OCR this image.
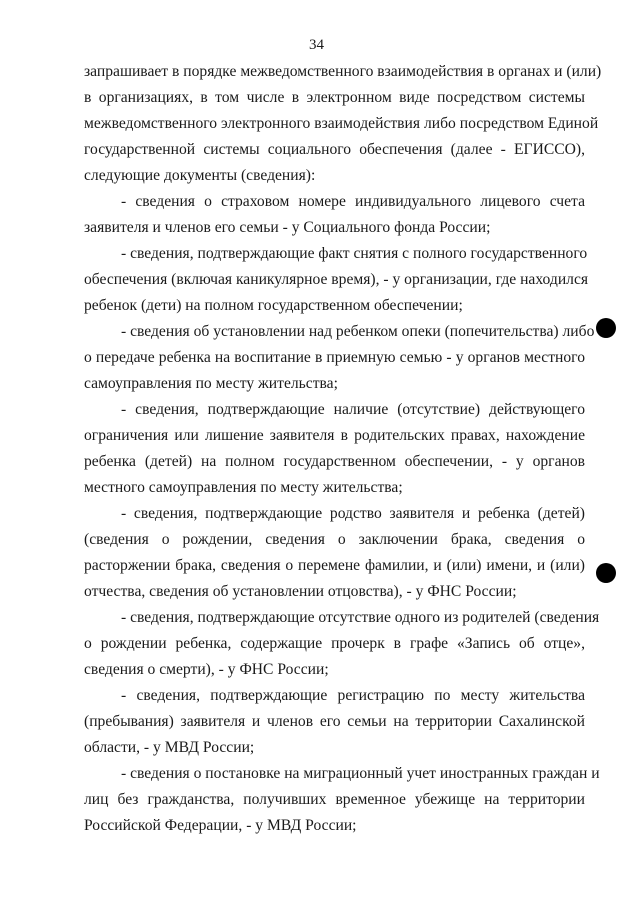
34
запрашивает в порядке межведомственного взаимодействия в органах и (или)
в организациях, в том числе в электронном виде посредством системы
межведомственного электронного взаимодействия либо посредством Единой
государственной системы социального обеспечения (далее - ЕГИССО),
следующие документы (сведения):
- сведения о страховом номере индивидуального лицевого счета
заявителя и членов его семьи - у Социального фонда России;
- сведения, подтверждающие факт снятия с полного государственного
обеспечения (включая каникулярное время), - у организации, где находился
ребенок (дети) на полном государственном обеспечении;
- сведения об установлении над ребенком опеки (попечительства) либо
о передаче ребенка на воспитание в приемную семью - у органов местного
самоуправления по месту жительства;
- сведения, подтверждающие наличие (отсутствие) действующего
ограничения или лишение заявителя в родительских правах, нахождение
ребенка (детей) на полном государственном обеспечении, - у органов
местного самоуправления по месту жительства;
- сведения, подтверждающие родство заявителя и ребенка (детей)
(сведения о рождении, сведения о заключении брака, сведения о
расторжении брака, сведения о перемене фамилии, и (или) имени, и (или)
отчества, сведения об установлении отцовства), - у ФНС России;
- сведения, подтверждающие отсутствие одного из родителей (сведения
о рождении ребенка, содержащие прочерк в графе «Запись об отце»,
сведения о смерти), - у ФНС России;
- сведения, подтверждающие регистрацию по месту жительства
(пребывания) заявителя и членов его семьи на территории Сахалинской
области, - у МВД России;
- сведения о постановке на миграционный учет иностранных граждан и
лиц без гражданства, получивших временное убежище на территории
Российской Федерации, - у МВД России;
